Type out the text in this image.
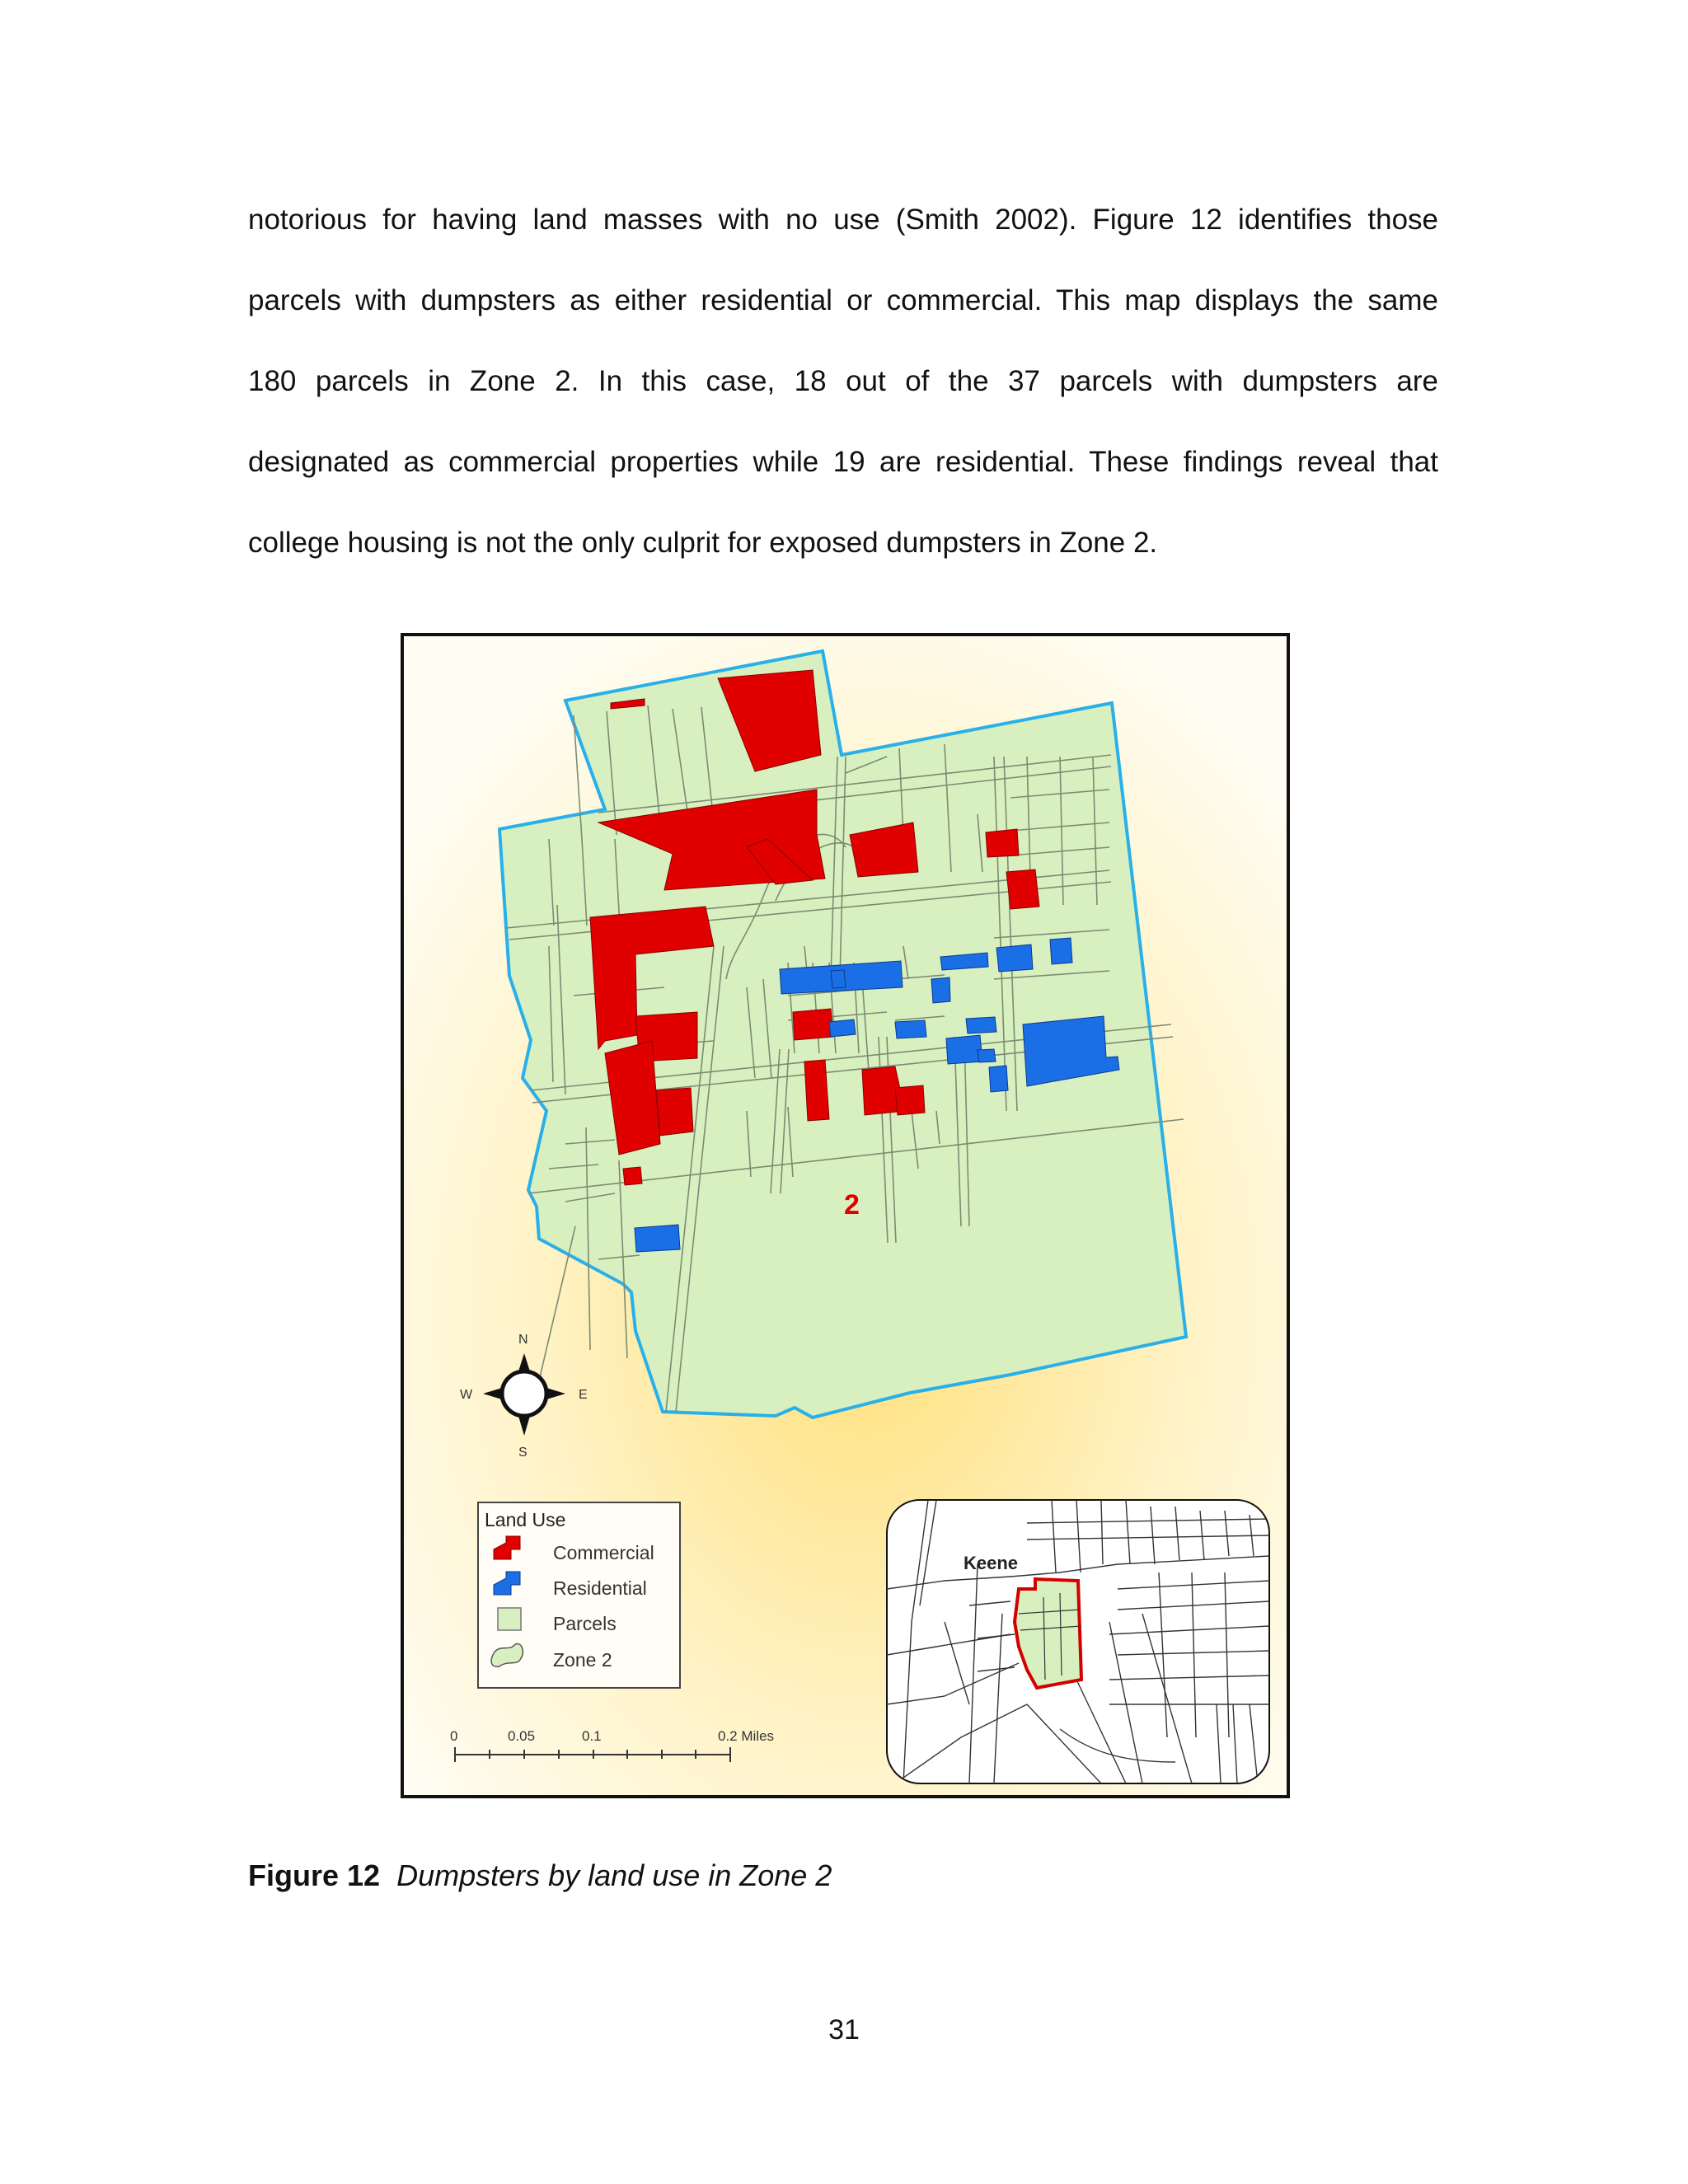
notorious for having land masses with no use (Smith 2002). Figure 12 identifies those
parcels with dumpsters as either residential or commercial. This map displays the same
180 parcels in Zone 2. In this case, 18 out of the 37 parcels with dumpsters are
designated as commercial properties while 19 are residential. These findings reveal that
college housing is not the only culprit for exposed dumpsters in Zone 2.
2
N
S
E
W
Land Use
Commercial
Residential
Parcels
Zone 2
0	0.05	0.1	0.2 Miles
Keene
Figure 12 Dumpsters by land use in Zone 2
31
